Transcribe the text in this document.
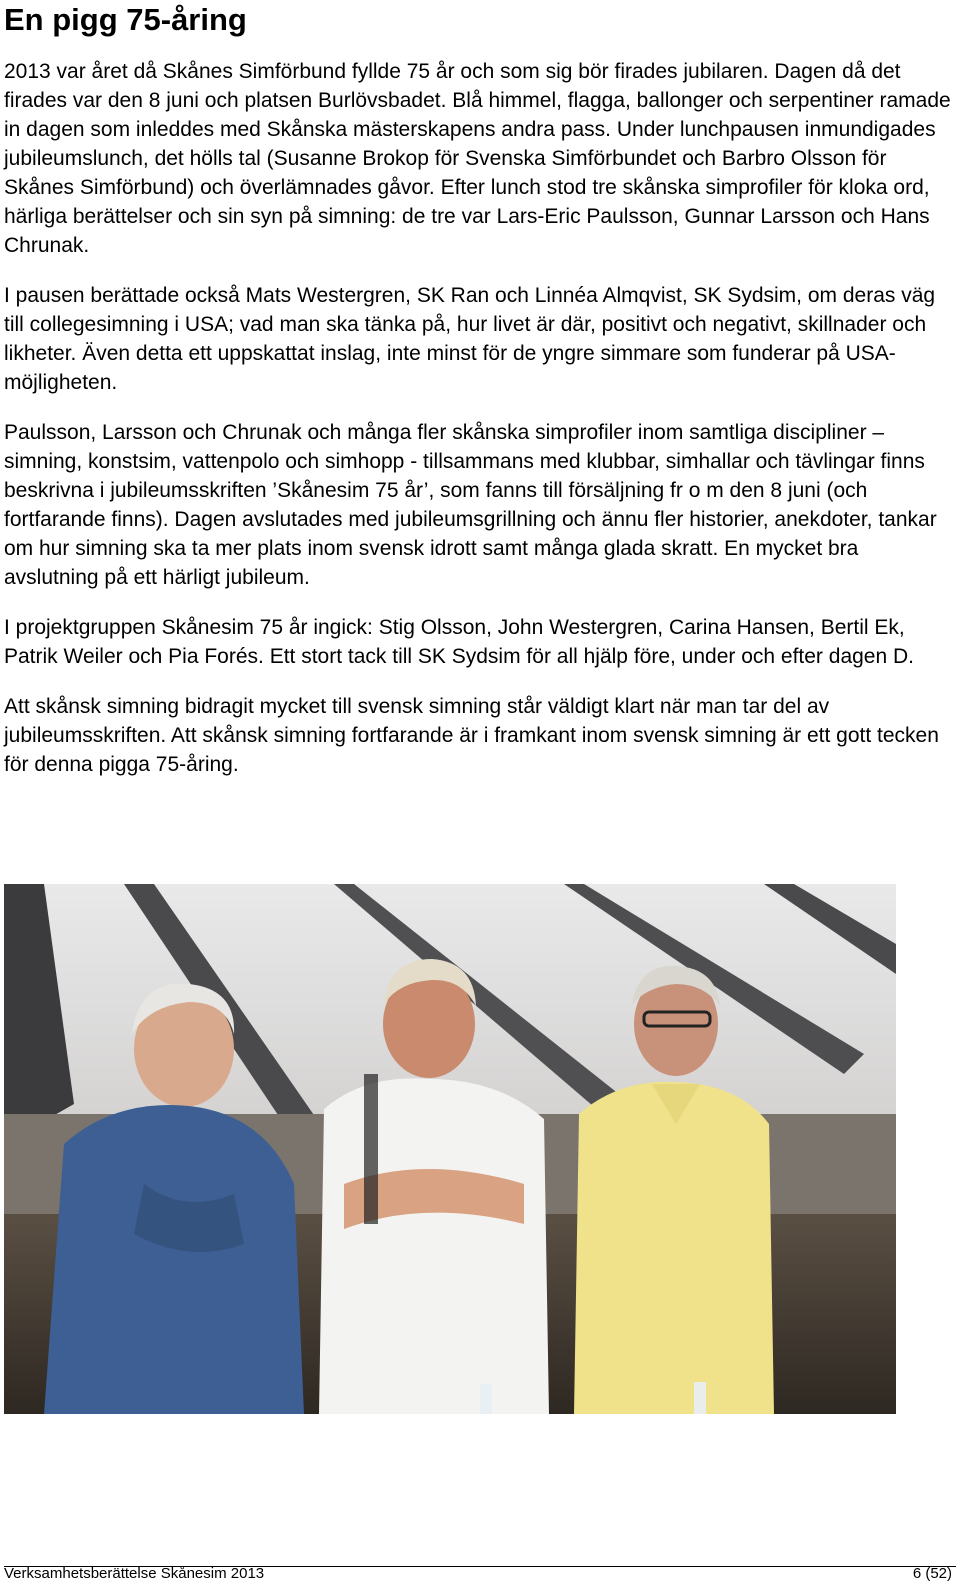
En pigg 75-åring

2013 var året då Skånes Simförbund fyllde 75 år och som sig bör firades jubilaren. Dagen då det firades var den 8 juni och platsen Burlövsbadet. Blå himmel, flagga, ballonger och serpentiner ramade in dagen som inleddes med Skånska mästerskapens andra pass. Under lunchpausen inmundigades jubileumslunch, det hölls tal (Susanne Brokop för Svenska Simförbundet och Barbro Olsson för Skånes Simförbund) och överlämnades gåvor. Efter lunch stod tre skånska simprofiler för kloka ord, härliga berättelser och sin syn på simning: de tre var Lars-Eric Paulsson, Gunnar Larsson och Hans Chrunak.

I pausen berättade också Mats Westergren, SK Ran och Linnéa Almqvist, SK Sydsim, om deras väg till collegesimning i USA; vad man ska tänka på, hur livet är där, positivt och negativt, skillnader och likheter. Även detta ett uppskattat inslag, inte minst för de yngre simmare som funderar på USA-möjligheten.

Paulsson, Larsson och Chrunak och många fler skånska simprofiler inom samtliga discipliner – simning, konstsim, vattenpolo och simhopp - tillsammans med klubbar, simhallar och tävlingar finns beskrivna i jubileumsskriften ’Skånesim 75 år’, som fanns till försäljning fr o m den 8 juni (och fortfarande finns). Dagen avslutades med jubileumsgrillning och ännu fler historier, anekdoter, tankar om hur simning ska ta mer plats inom svensk idrott samt många glada skratt. En mycket bra avslutning på ett härligt jubileum.

I projektgruppen Skånesim 75 år ingick: Stig Olsson, John Westergren, Carina Hansen, Bertil Ek, Patrik Weiler och Pia Forés. Ett stort tack till SK Sydsim för all hjälp före, under och efter dagen D.

Att skånsk simning bidragit mycket till svensk simning står väldigt klart när man tar del av jubileumsskriften. Att skånsk simning fortfarande är i framkant inom svensk simning är ett gott tecken för denna pigga 75-åring.

Verksamhetsberättelse Skånesim 2013	6 (52)
